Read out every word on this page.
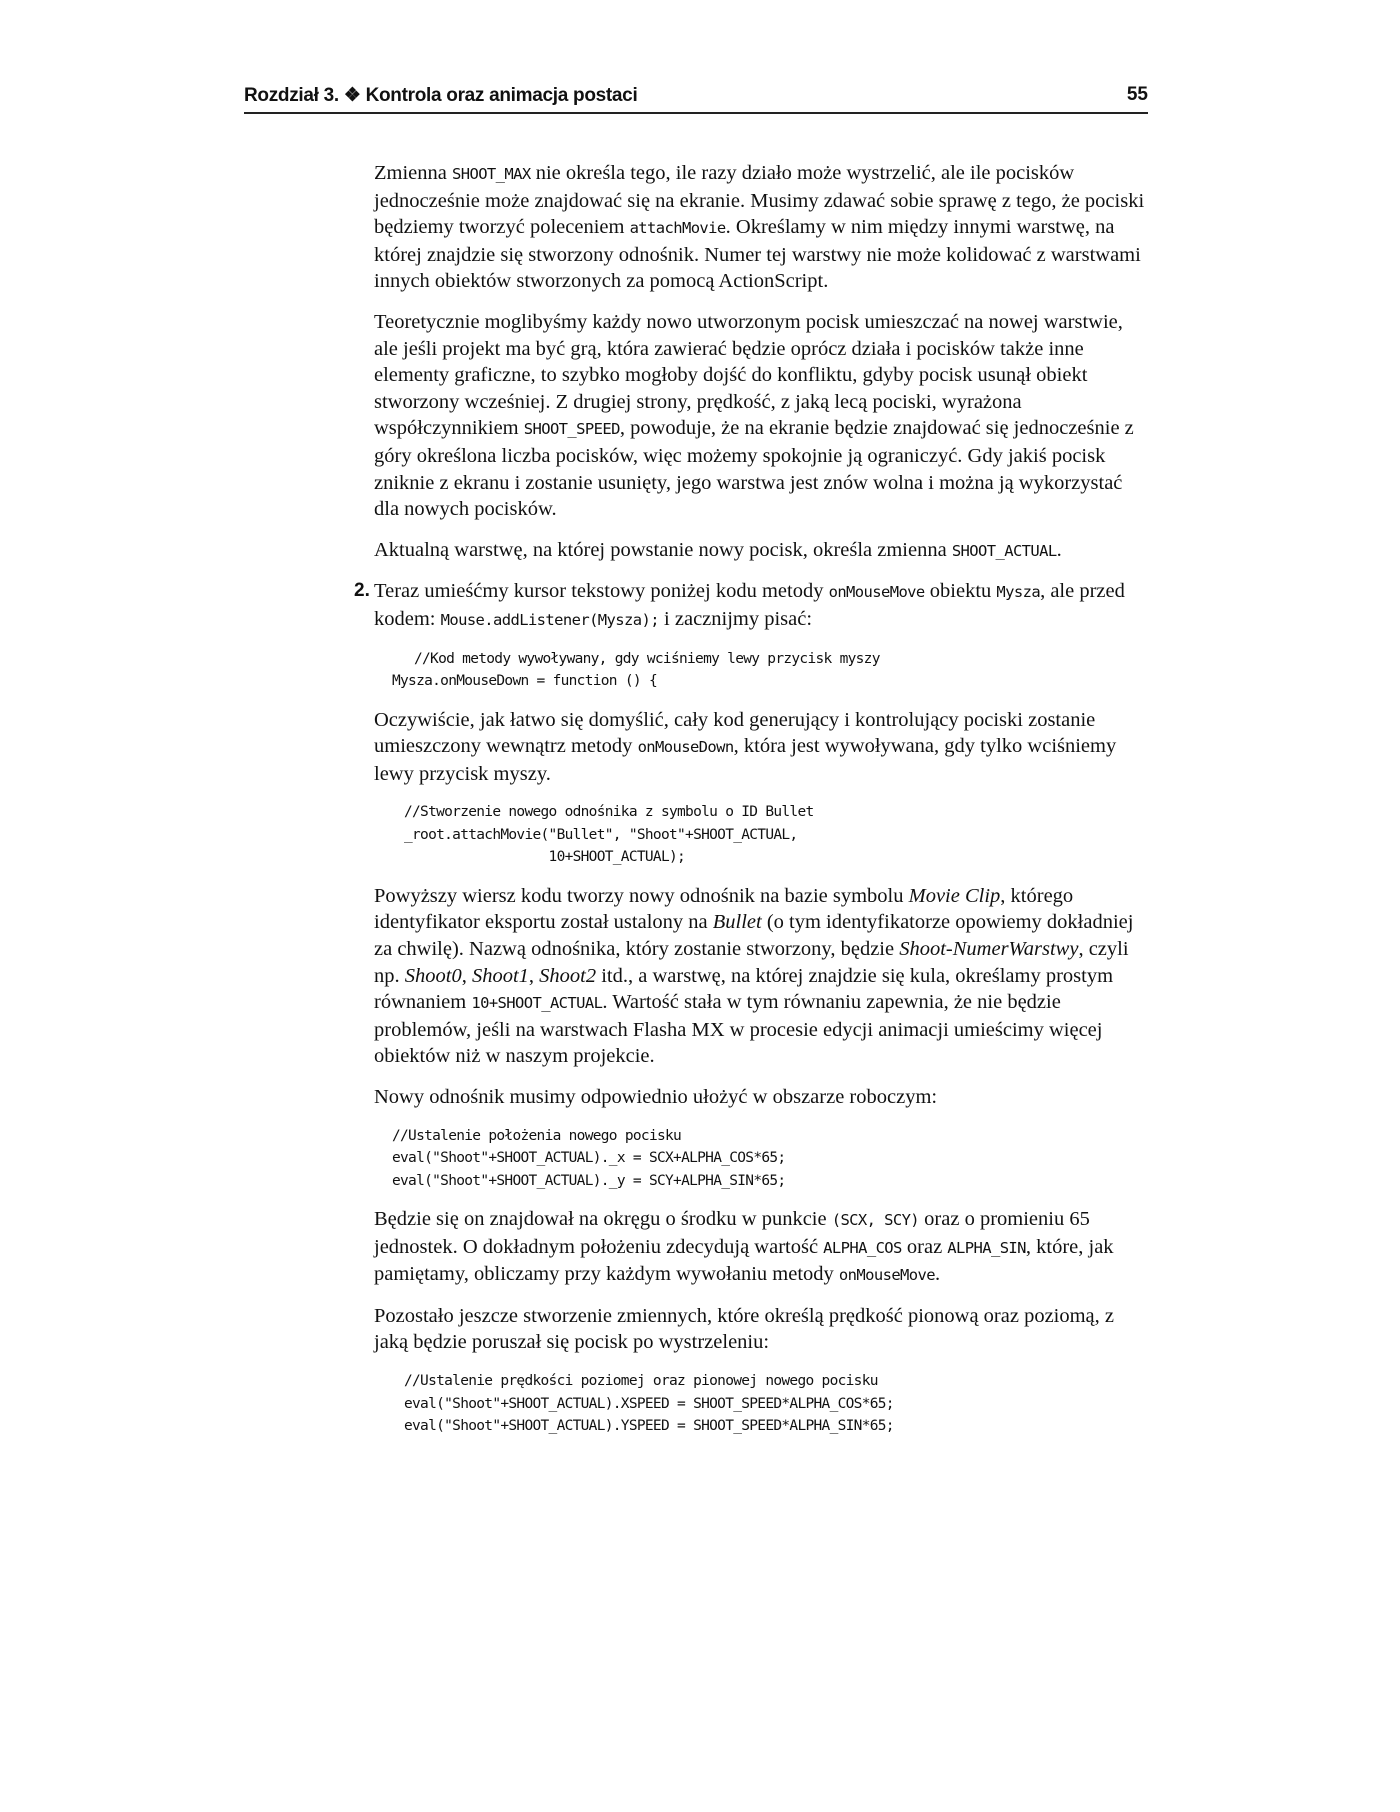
Rozdział 3. ❖ Kontrola oraz animacja postaci	55

Zmienna SHOOT_MAX nie określa tego, ile razy działo może wystrzelić, ale ile pocisków jednocześnie może znajdować się na ekranie. Musimy zdawać sobie sprawę z tego, że pociski będziemy tworzyć poleceniem attachMovie. Określamy w nim między innymi warstwę, na której znajdzie się stworzony odnośnik. Numer tej warstwy nie może kolidować z warstwami innych obiektów stworzonych za pomocą ActionScript.

Teoretycznie moglibyśmy każdy nowo utworzonym pocisk umieszczać na nowej warstwie, ale jeśli projekt ma być grą, która zawierać będzie oprócz działa i pocisków także inne elementy graficzne, to szybko mogłoby dojść do konfliktu, gdyby pocisk usunął obiekt stworzony wcześniej. Z drugiej strony, prędkość, z jaką lecą pociski, wyrażona współczynnikiem SHOOT_SPEED, powoduje, że na ekranie będzie znajdować się jednocześnie z góry określona liczba pocisków, więc możemy spokojnie ją ograniczyć. Gdy jakiś pocisk zniknie z ekranu i zostanie usunięty, jego warstwa jest znów wolna i można ją wykorzystać dla nowych pocisków.

Aktualną warstwę, na której powstanie nowy pocisk, określa zmienna SHOOT_ACTUAL.

2. Teraz umieśćmy kursor tekstowy poniżej kodu metody onMouseMove obiektu Mysza, ale przed kodem: Mouse.addListener(Mysza); i zacznijmy pisać:

//Kod metody wywoływany, gdy wciśniemy lewy przycisk myszy
Mysza.onMouseDown = function () {

Oczywiście, jak łatwo się domyślić, cały kod generujący i kontrolujący pociski zostanie umieszczony wewnątrz metody onMouseDown, która jest wywoływana, gdy tylko wciśniemy lewy przycisk myszy.

//Stworzenie nowego odnośnika z symbolu o ID Bullet
_root.attachMovie("Bullet", "Shoot"+SHOOT_ACTUAL,
10+SHOOT_ACTUAL);

Powyższy wiersz kodu tworzy nowy odnośnik na bazie symbolu Movie Clip, którego identyfikator eksportu został ustalony na Bullet (o tym identyfikatorze opowiemy dokładniej za chwilę). Nazwą odnośnika, który zostanie stworzony, będzie Shoot-NumerWarstwy, czyli np. Shoot0, Shoot1, Shoot2 itd., a warstwę, na której znajdzie się kula, określamy prostym równaniem 10+SHOOT_ACTUAL. Wartość stała w tym równaniu zapewnia, że nie będzie problemów, jeśli na warstwach Flasha MX w procesie edycji animacji umieścimy więcej obiektów niż w naszym projekcie.

Nowy odnośnik musimy odpowiednio ułożyć w obszarze roboczym:

//Ustalenie położenia nowego pocisku
eval("Shoot"+SHOOT_ACTUAL)._x = SCX+ALPHA_COS*65;
eval("Shoot"+SHOOT_ACTUAL)._y = SCY+ALPHA_SIN*65;

Będzie się on znajdował na okręgu o środku w punkcie (SCX, SCY) oraz o promieniu 65 jednostek. O dokładnym położeniu zdecydują wartość ALPHA_COS oraz ALPHA_SIN, które, jak pamiętamy, obliczamy przy każdym wywołaniu metody onMouseMove.

Pozostało jeszcze stworzenie zmiennych, które określą prędkość pionową oraz poziomą, z jaką będzie poruszał się pocisk po wystrzeleniu:

//Ustalenie prędkości poziomej oraz pionowej nowego pocisku
eval("Shoot"+SHOOT_ACTUAL).XSPEED = SHOOT_SPEED*ALPHA_COS*65;
eval("Shoot"+SHOOT_ACTUAL).YSPEED = SHOOT_SPEED*ALPHA_SIN*65;
